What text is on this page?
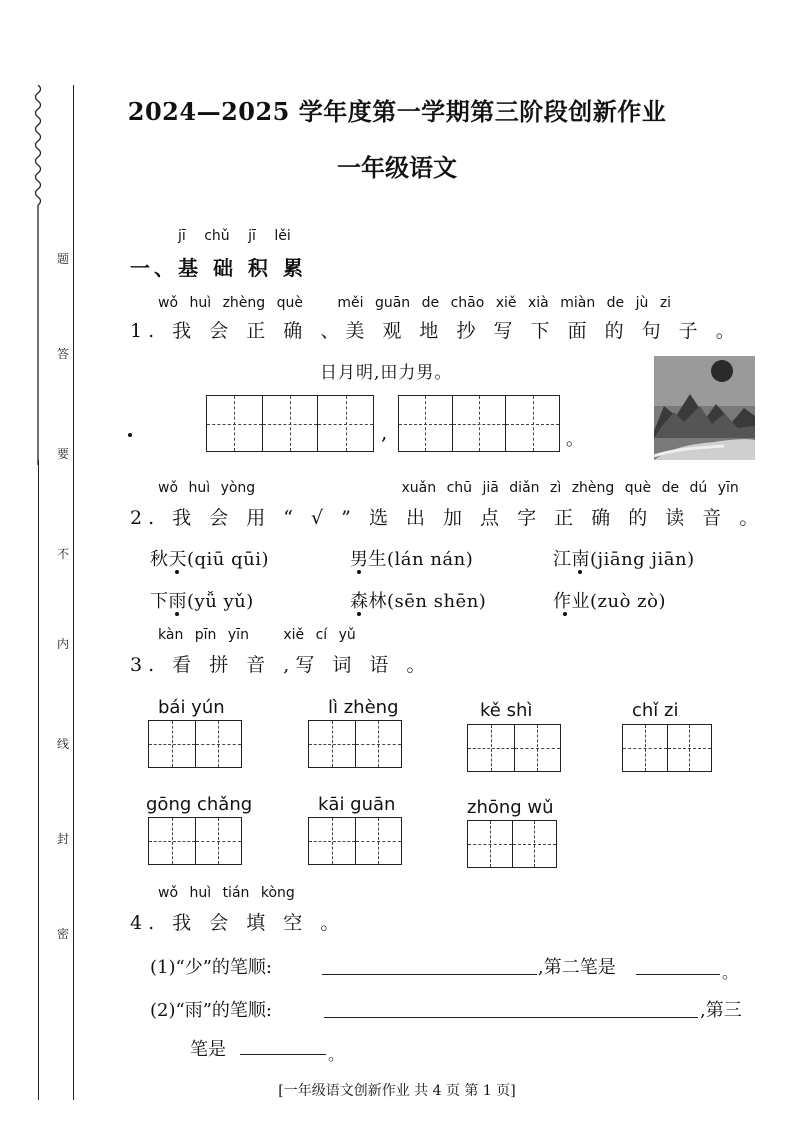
题
答
要
不
内
线
封
密
2024—2025 学年度第一学期第三阶段创新作业
一年级语文
jī chǔ jī lěi
一、基 础 积 累
wǒ huì zhèng què měi guān de chāo xiě xià miàn de jù zi
1. 我 会 正 确 、美 观 地 抄 写 下 面 的 句 子 。
日月明,田力男。
,	。
wǒ huì yòng	xuǎn chū jiā diǎn zì zhèng què de dú yīn
2. 我 会 用 “ √ ” 选 出 加 点 字 正 确 的 读 音 。
秋天(qiū qūi)	男生(lán nán)	江南(jiāng jiān)
下雨(yǚ yǔ)	森林(sēn shēn)	作业(zuò zò)
kàn pīn yīn xiě cí yǔ
3. 看 拼 音 ,写 词 语 。
bái yún	lì zhèng	kě shì	chǐ zi
gōng chǎng	kāi guān	zhōng wǔ
wǒ huì tián kòng
4. 我 会 填 空 。
(1)“少”的笔顺:	,第二笔是	。
(2)“雨”的笔顺:	,第三
笔是	。
[一年级语文创新作业 共 4 页 第 1 页]
